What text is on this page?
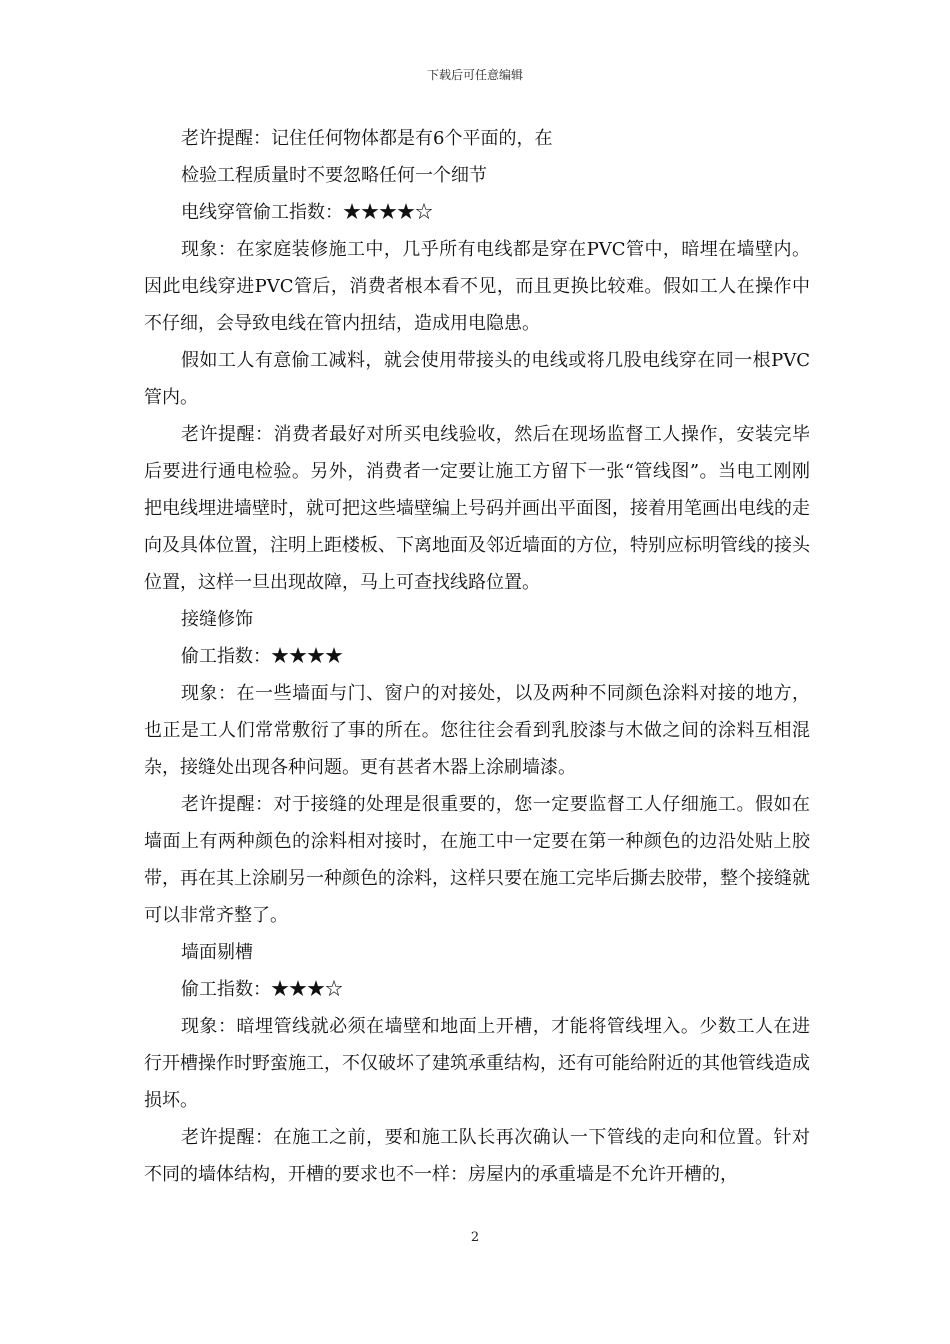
下载后可任意编辑

老许提醒：记住任何物体都是有6个平面的，在

检验工程质量时不要忽略任何一个细节

电线穿管偷工指数：★★★★☆

现象：在家庭装修施工中，几乎所有电线都是穿在PVC管中，暗埋在墙壁内。因此电线穿进PVC管后，消费者根本看不见，而且更换比较难。假如工人在操作中不仔细，会导致电线在管内扭结，造成用电隐患。

假如工人有意偷工减料，就会使用带接头的电线或将几股电线穿在同一根PVC管内。

老许提醒：消费者最好对所买电线验收，然后在现场监督工人操作，安装完毕后要进行通电检验。另外，消费者一定要让施工方留下一张“管线图”。当电工刚刚把电线埋进墙壁时，就可把这些墙壁编上号码并画出平面图，接着用笔画出电线的走向及具体位置，注明上距楼板、下离地面及邻近墙面的方位，特别应标明管线的接头位置，这样一旦出现故障，马上可查找线路位置。

接缝修饰

偷工指数：★★★★

现象：在一些墙面与门、窗户的对接处，以及两种不同颜色涂料对接的地方，也正是工人们常常敷衍了事的所在。您往往会看到乳胶漆与木做之间的涂料互相混杂，接缝处出现各种问题。更有甚者木器上涂刷墙漆。

老许提醒：对于接缝的处理是很重要的，您一定要监督工人仔细施工。假如在墙面上有两种颜色的涂料相对接时，在施工中一定要在第一种颜色的边沿处贴上胶带，再在其上涂刷另一种颜色的涂料，这样只要在施工完毕后撕去胶带，整个接缝就可以非常齐整了。

墙面剔槽

偷工指数：★★★☆

现象：暗埋管线就必须在墙壁和地面上开槽，才能将管线埋入。少数工人在进行开槽操作时野蛮施工，不仅破坏了建筑承重结构，还有可能给附近的其他管线造成损坏。

老许提醒：在施工之前，要和施工队长再次确认一下管线的走向和位置。针对不同的墙体结构，开槽的要求也不一样：房屋内的承重墙是不允许开槽的，

2
